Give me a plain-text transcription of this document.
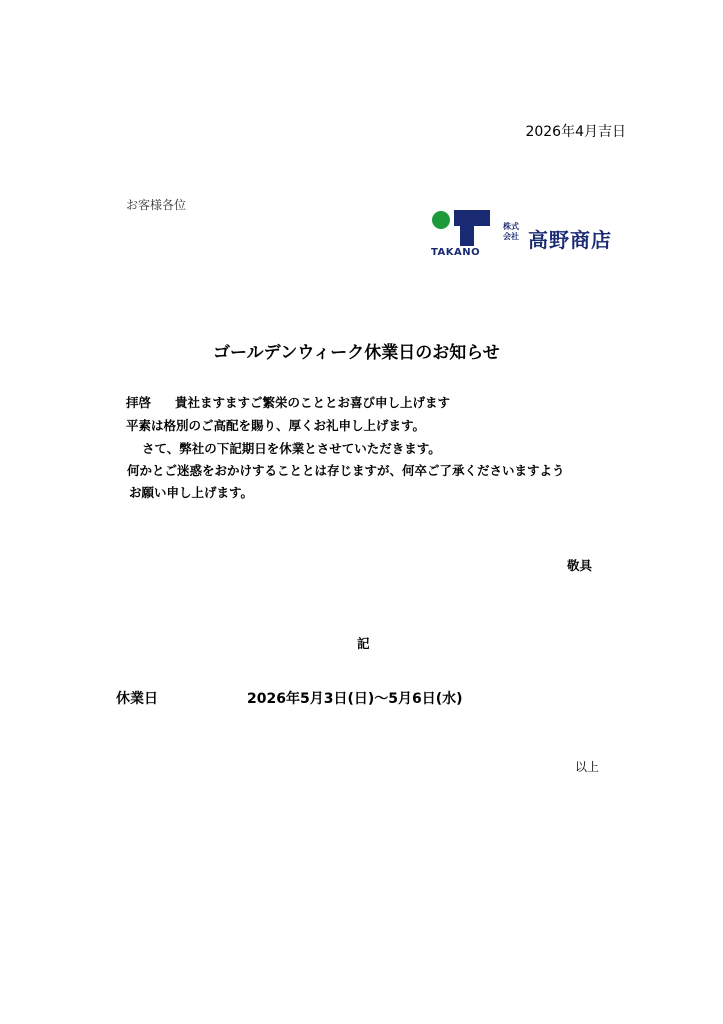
2026年4月吉日
お客様各位
TAKANO
株式会社 高野商店
ゴールデンウィーク休業日のお知らせ
拝啓 貴社ますますご繁栄のこととお喜び申し上げます
平素は格別のご高配を賜り、厚くお礼申し上げます。
さて、弊社の下記期日を休業とさせていただきます。
何かとご迷惑をおかけすることとは存じますが、何卒ご了承くださいますよう
お願い申し上げます。
敬具
記
休業日	2026年5月3日(日)～5月6日(水)
以上
